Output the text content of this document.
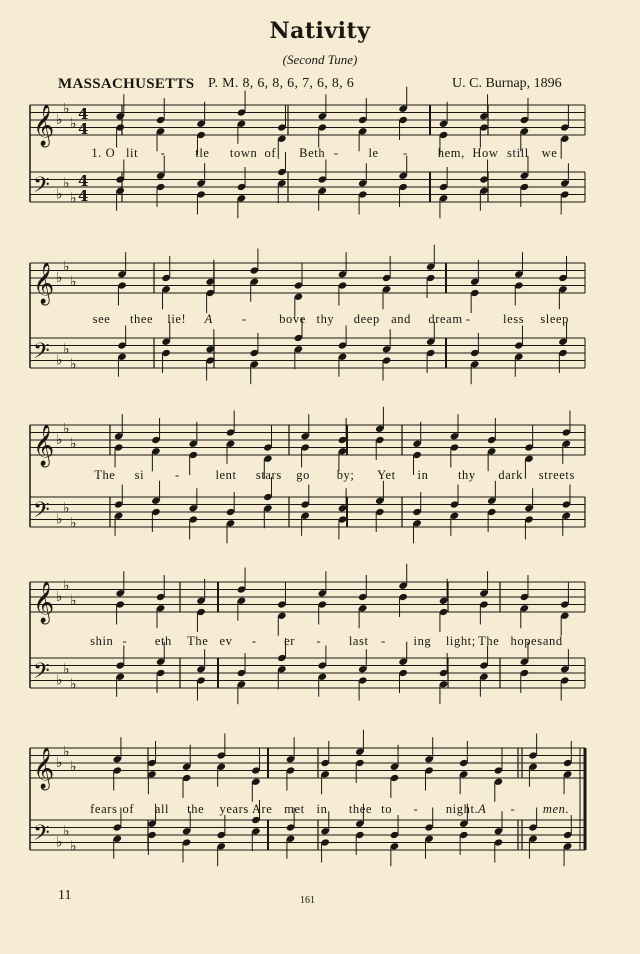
Nativity
(Second Tune)
MASSACHUSETTS P. M. 8, 6, 8, 6, 7, 6, 8, 6	U. C. Burnap, 1896
𝄞 ♭
♭
♭
4
4
𝄢 ♭
♭
♭
4
4
𝄞 ♭
♭
♭
𝄢 ♭
♭
♭
𝄞 ♭
♭
♭
𝄢 ♭
♭
♭
𝄞 ♭
♭
♭
𝄢 ♭
♭
♭
𝄞 ♭
♭
♭
𝄢 ♭
♭
♭
1. O lit - tle town of Beth - le - hem, How still we
see thee lie! A -	bove thy deep and dream -	less sleep
The si -	lent stars go by; Yet in thy dark streets
shin - eth The ev - er - last - ing light; The hopes and
fears of all the years Are met in thee to - night. A - men.
11	161
